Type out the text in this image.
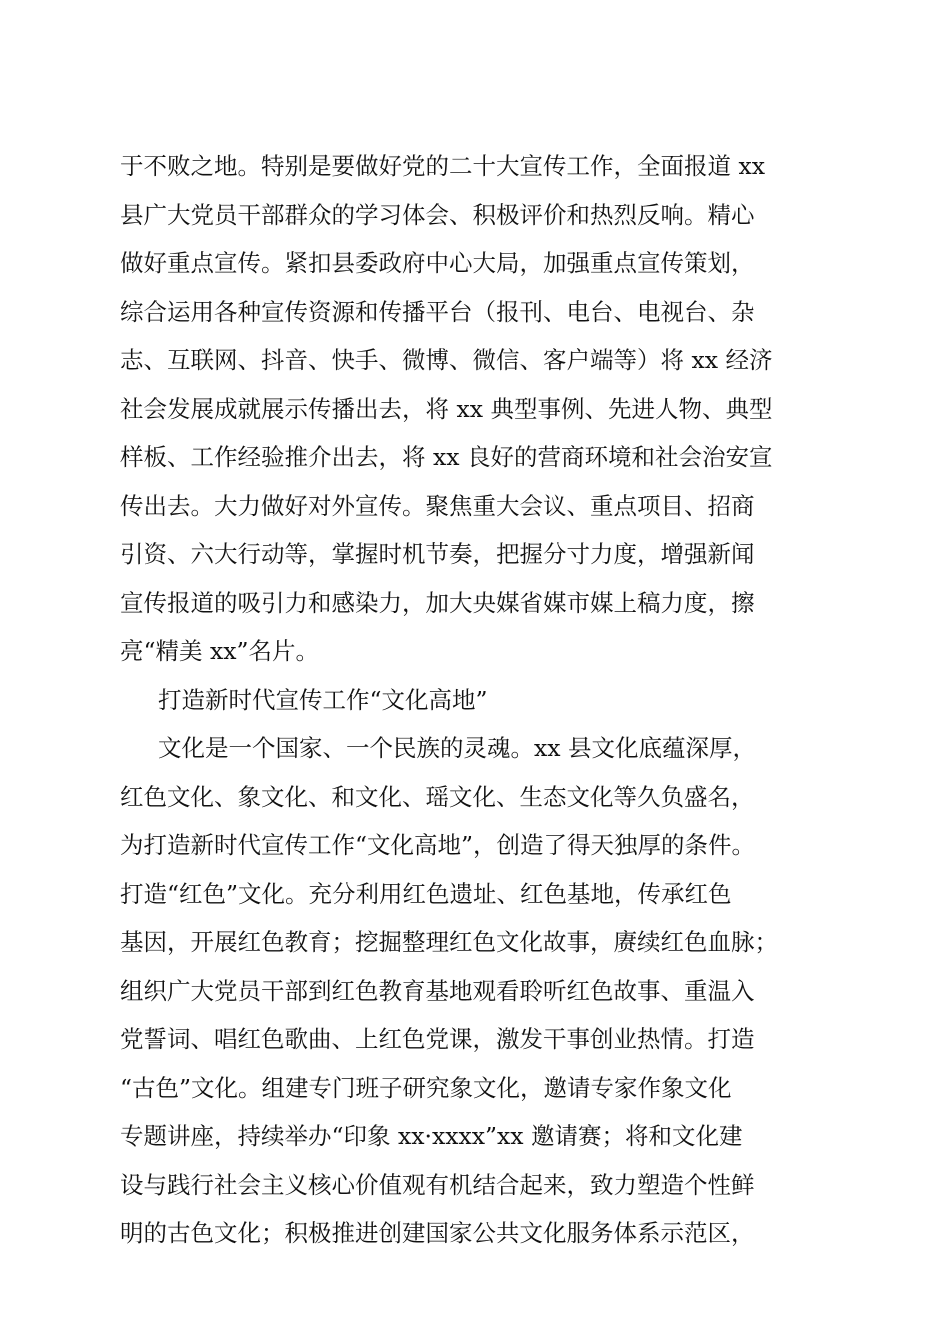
于不败之地。特别是要做好党的二十大宣传工作，全面报道 xx
县广大党员干部群众的学习体会、积极评价和热烈反响。精心
做好重点宣传。紧扣县委政府中心大局，加强重点宣传策划，
综合运用各种宣传资源和传播平台（报刊、电台、电视台、杂
志、互联网、抖音、快手、微博、微信、客户端等）将 xx 经济
社会发展成就展示传播出去，将 xx 典型事例、先进人物、典型
样板、工作经验推介出去，将 xx 良好的营商环境和社会治安宣
传出去。大力做好对外宣传。聚焦重大会议、重点项目、招商
引资、六大行动等，掌握时机节奏，把握分寸力度，增强新闻
宣传报道的吸引力和感染力，加大央媒省媒市媒上稿力度，擦
亮“精美 xx”名片。
打造新时代宣传工作“文化高地”
文化是一个国家、一个民族的灵魂。xx 县文化底蕴深厚，
红色文化、象文化、和文化、瑶文化、生态文化等久负盛名，
为打造新时代宣传工作“文化高地”，创造了得天独厚的条件。
打造“红色”文化。充分利用红色遗址、红色基地，传承红色
基因，开展红色教育；挖掘整理红色文化故事，赓续红色血脉；
组织广大党员干部到红色教育基地观看聆听红色故事、重温入
党誓词、唱红色歌曲、上红色党课，激发干事创业热情。打造
“古色”文化。组建专门班子研究象文化，邀请专家作象文化
专题讲座，持续举办“印象 xx·xxxx”xx 邀请赛；将和文化建
设与践行社会主义核心价值观有机结合起来，致力塑造个性鲜
明的古色文化；积极推进创建国家公共文化服务体系示范区，
